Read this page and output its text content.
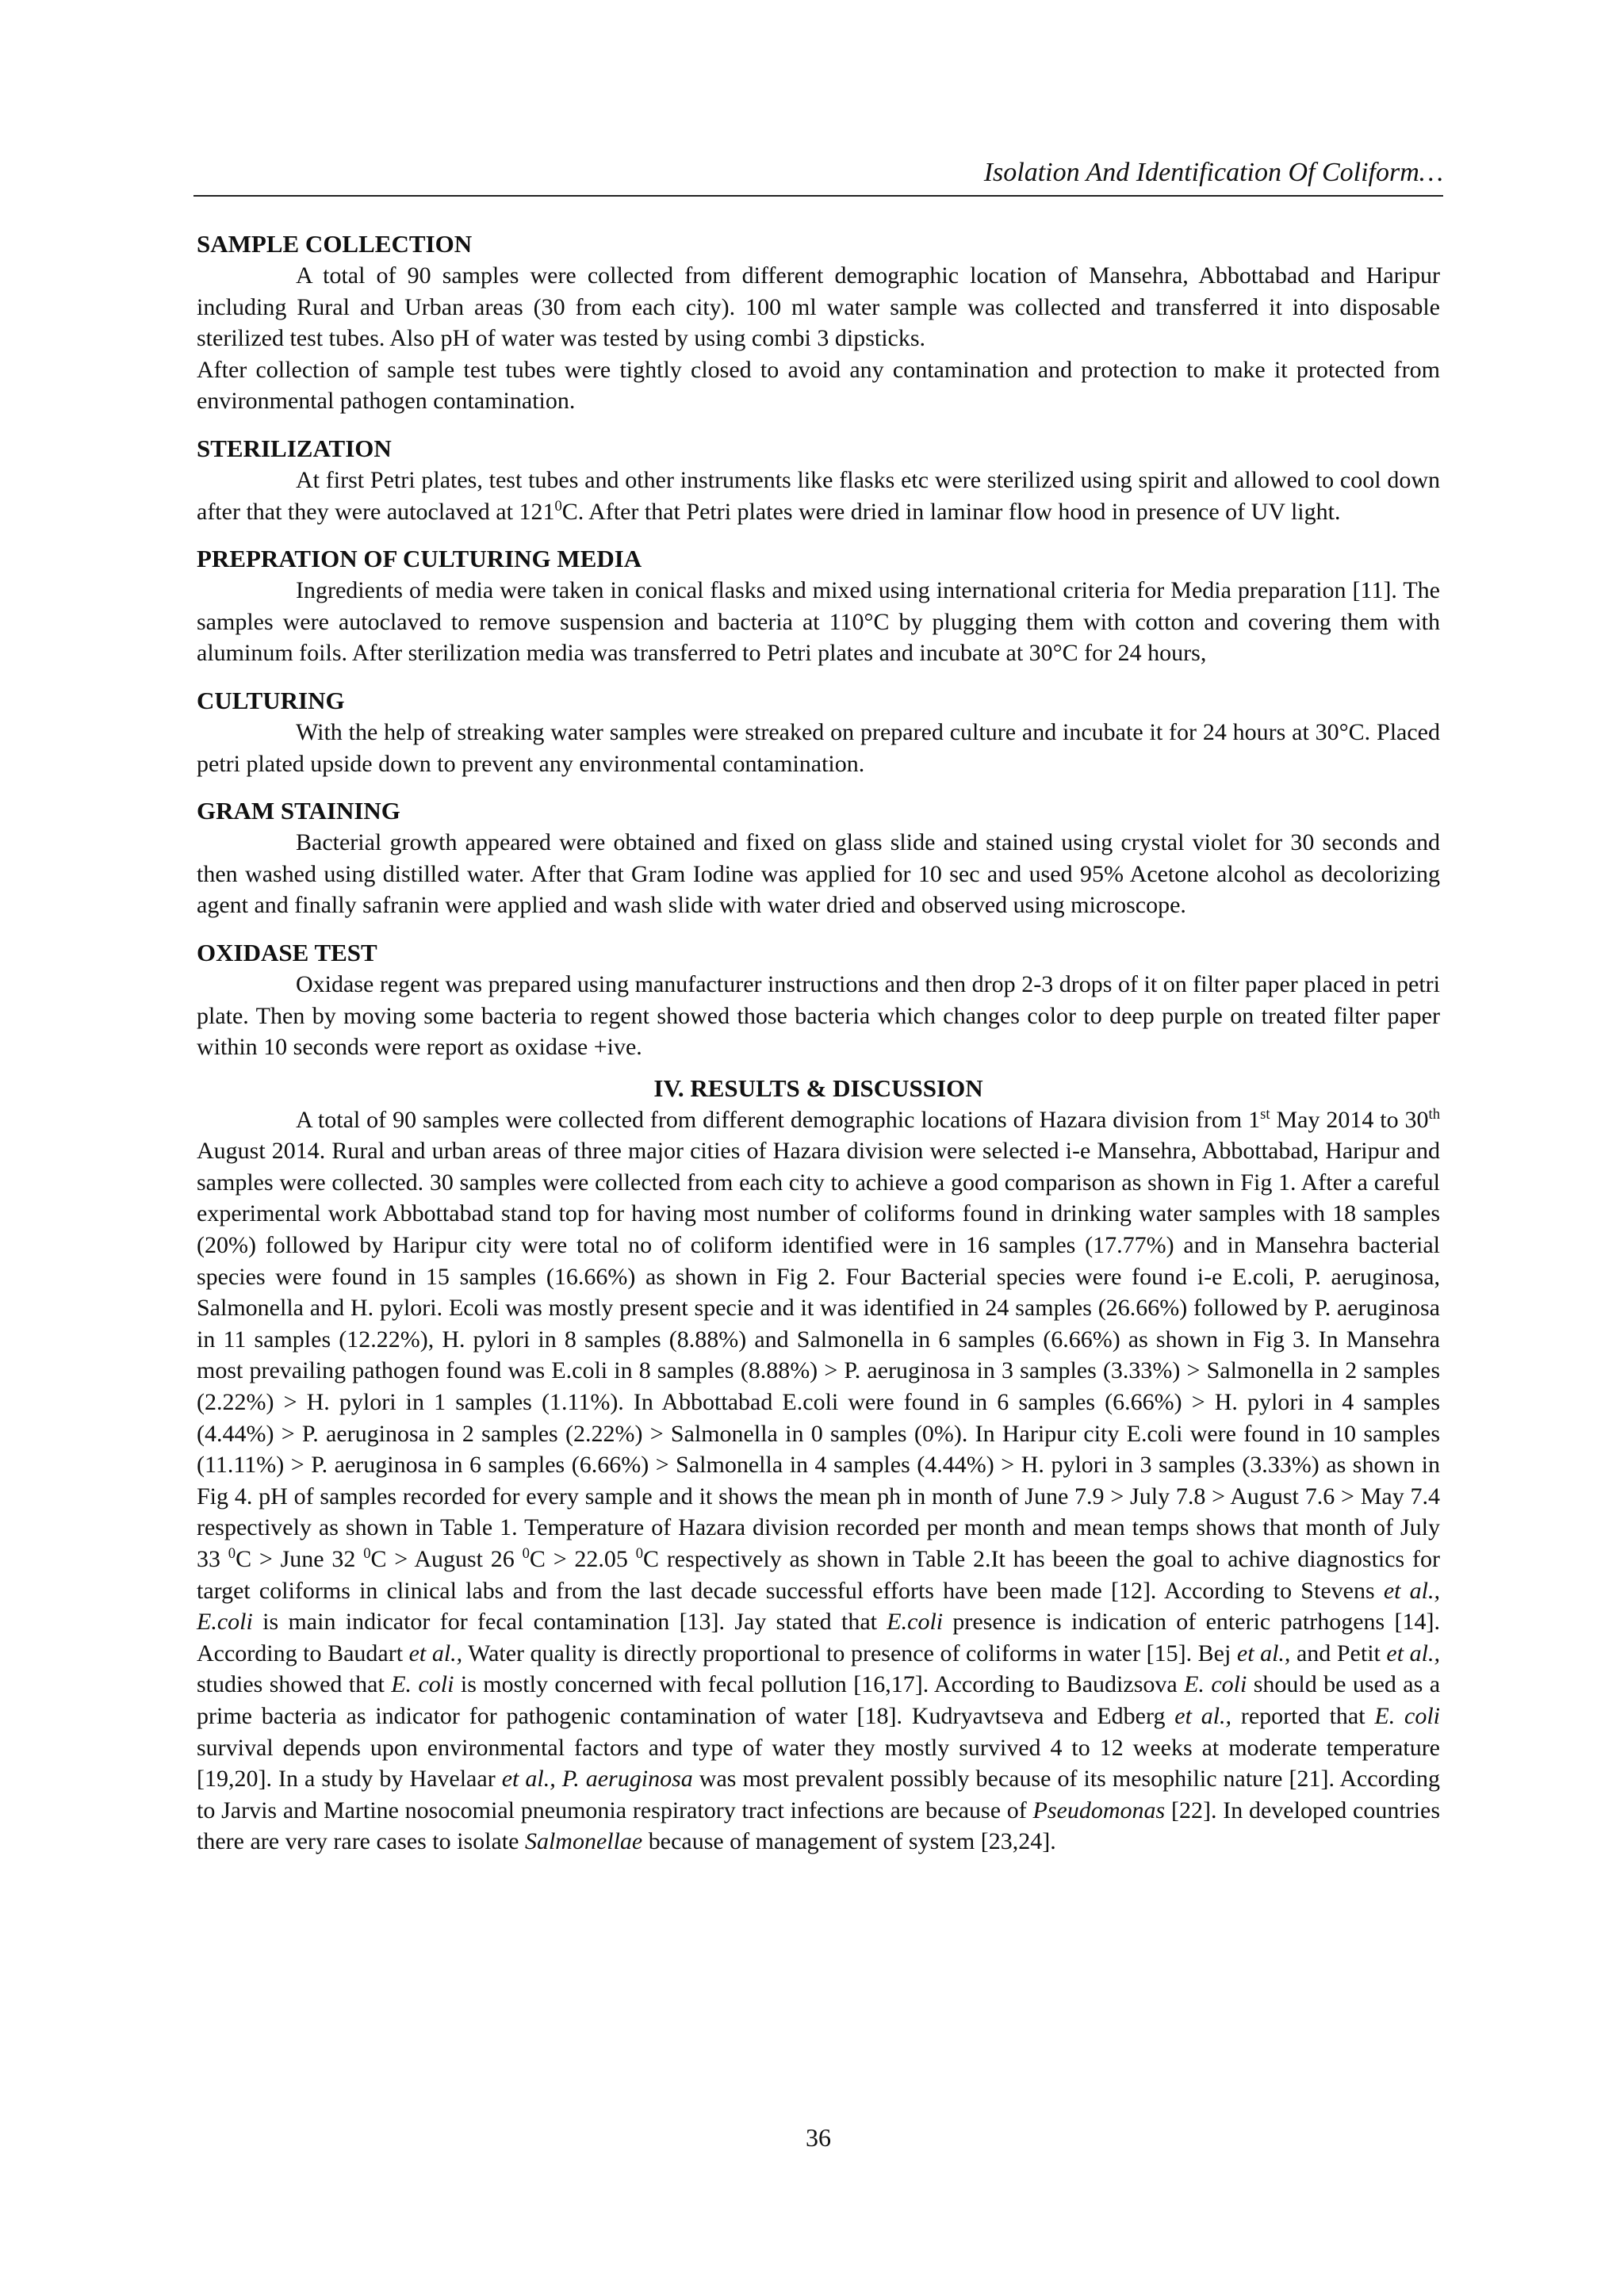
Isolation And Identification Of Coliform…
SAMPLE COLLECTION

A total of 90 samples were collected from different demographic location of Mansehra, Abbottabad and Haripur including Rural and Urban areas (30 from each city). 100 ml water sample was collected and transferred it into disposable sterilized test tubes. Also pH of water was tested by using combi 3 dipsticks.

After collection of sample test tubes were tightly closed to avoid any contamination and protection to make it protected from environmental pathogen contamination.

STERILIZATION

At first Petri plates, test tubes and other instruments like flasks etc were sterilized using spirit and allowed to cool down after that they were autoclaved at $121^0C$. After that Petri plates were dried in laminar flow hood in presence of UV light.

PREPRATION OF CULTURING MEDIA

Ingredients of media were taken in conical flasks and mixed using international criteria for Media preparation [11]. The samples were autoclaved to remove suspension and bacteria at 110°C by plugging them with cotton and covering them with aluminum foils. After sterilization media was transferred to Petri plates and incubate at 30°C for 24 hours,

CULTURING

With the help of streaking water samples were streaked on prepared culture and incubate it for 24 hours at 30°C. Placed petri plated upside down to prevent any environmental contamination.

GRAM STAINING

Bacterial growth appeared were obtained and fixed on glass slide and stained using crystal violet for 30 seconds and then washed using distilled water. After that Gram Iodine was applied for 10 sec and used 95% Acetone alcohol as decolorizing agent and finally safranin were applied and wash slide with water dried and observed using microscope.

OXIDASE TEST

Oxidase regent was prepared using manufacturer instructions and then drop 2-3 drops of it on filter paper placed in petri plate. Then by moving some bacteria to regent showed those bacteria which changes color to deep purple on treated filter paper within 10 seconds were report as oxidase +ive.

IV. RESULTS & DISCUSSION

A total of 90 samples were collected from different demographic locations of Hazara division from 1st May 2014 to 30th August 2014. Rural and urban areas of three major cities of Hazara division were selected i-e Mansehra, Abbottabad, Haripur and samples were collected. 30 samples were collected from each city to achieve a good comparison as shown in Fig 1. After a careful experimental work Abbottabad stand top for having most number of coliforms found in drinking water samples with 18 samples (20%) followed by Haripur city were total no of coliform identified were in 16 samples (17.77%) and in Mansehra bacterial species were found in 15 samples (16.66%) as shown in Fig 2. Four Bacterial species were found i-e E.coli, P. aeruginosa, Salmonella and H. pylori. Ecoli was mostly present specie and it was identified in 24 samples (26.66%) followed by P. aeruginosa in 11 samples (12.22%), H. pylori in 8 samples (8.88%) and Salmonella in 6 samples (6.66%) as shown in Fig 3. In Mansehra most prevailing pathogen found was E.coli in 8 samples (8.88%) > P. aeruginosa in 3 samples (3.33%) > Salmonella in 2 samples (2.22%) > H. pylori in 1 samples (1.11%). In Abbottabad E.coli were found in 6 samples (6.66%) > H. pylori in 4 samples (4.44%) > P. aeruginosa in 2 samples (2.22%) > Salmonella in 0 samples (0%). In Haripur city E.coli were found in 10 samples (11.11%) > P. aeruginosa in 6 samples (6.66%) > Salmonella in 4 samples (4.44%) > H. pylori in 3 samples (3.33%) as shown in Fig 4. pH of samples recorded for every sample and it shows the mean ph in month of June 7.9 > July 7.8 > August 7.6 > May 7.4 respectively as shown in Table 1. Temperature of Hazara division recorded per month and mean temps shows that month of July 33 $^0$C > June 32 $^0$C > August 26 $^0$C > 22.05 $^0$C respectively as shown in Table 2.It has beeen the goal to achive diagnostics for target coliforms in clinical labs and from the last decade successful efforts have been made [12]. According to Stevens et al., E.coli is main indicator for fecal contamination [13]. Jay stated that E.coli presence is indication of enteric patrhogens [14]. According to Baudart et al., Water quality is directly proportional to presence of coliforms in water [15]. Bej et al., and Petit et al., studies showed that E. coli is mostly concerned with fecal pollution [16,17]. According to Baudizsova E. coli should be used as a prime bacteria as indicator for pathogenic contamination of water [18]. Kudryavtseva and Edberg et al., reported that E. coli survival depends upon environmental factors and type of water they mostly survived 4 to 12 weeks at moderate temperature [19,20]. In a study by Havelaar et al., P. aeruginosa was most prevalent possibly because of its mesophilic nature [21]. According to Jarvis and Martine nosocomial pneumonia respiratory tract infections are because of Pseudomonas [22]. In developed countries there are very rare cases to isolate Salmonellae because of management of system [23,24].

36
